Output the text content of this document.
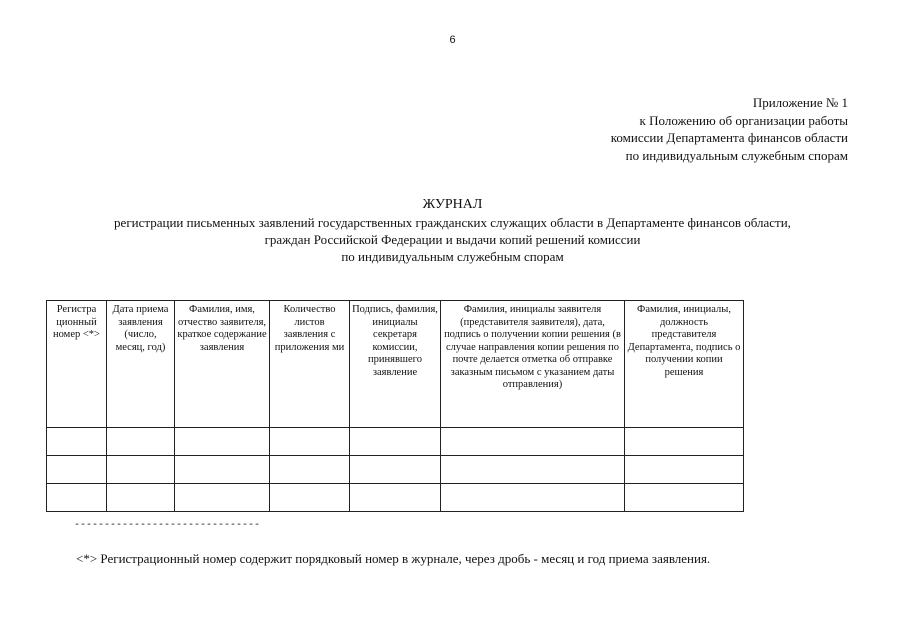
6
Приложение № 1
к Положению об организации работы
комиссии Департамента финансов области
по индивидуальным служебным спорам
ЖУРНАЛ
регистрации письменных заявлений государственных гражданских служащих области в Департаменте финансов области,
граждан Российской Федерации и выдачи копий решений комиссии
по индивидуальным служебным спорам
Регистра ционный номер <*>	Дата приема заявления (число, месяц, год)	Фамилия, имя, отчество заявителя, краткое содержание заявления	Количество листов заявления с приложения ми	Подпись, фамилия, инициалы секретаря комиссии, принявшего заявление	Фамилия, инициалы заявителя (представителя заявителя), дата, подпись о получении копии решения (в случае направления копии решения по почте делается отметка об отправке заказным письмом с указанием даты отправления)	Фамилия, инициалы, должность представителя Департамента, подпись о получении копии решения

-------------------------------
<*> Регистрационный номер содержит порядковый номер в журнале, через дробь - месяц и год приема заявления.
